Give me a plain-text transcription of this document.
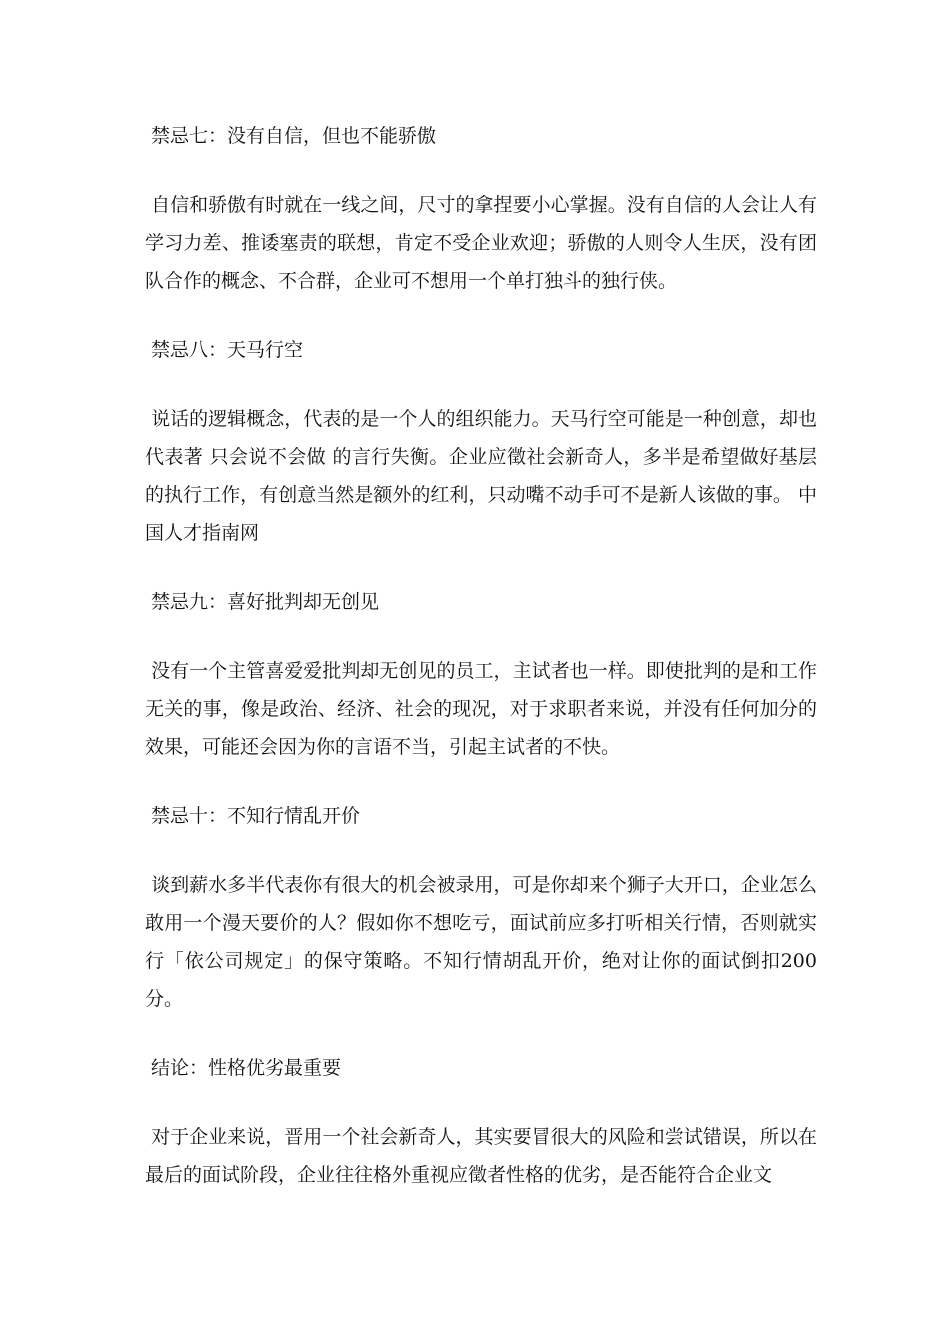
禁忌七：没有自信，但也不能骄傲
自信和骄傲有时就在一线之间，尺寸的拿捏要小心掌握。没有自信的人会让人有学习力差、推诿塞责的联想，肯定不受企业欢迎；骄傲的人则令人生厌，没有团队合作的概念、不合群，企业可不想用一个单打独斗的独行侠。
禁忌八：天马行空
说话的逻辑概念，代表的是一个人的组织能力。天马行空可能是一种创意，却也代表著 只会说不会做 的言行失衡。企业应徵社会新奇人，多半是希望做好基层的执行工作，有创意当然是额外的红利，只动嘴不动手可不是新人该做的事。 中国人才指南网
禁忌九：喜好批判却无创见
没有一个主管喜爱爱批判却无创见的员工，主试者也一样。即使批判的是和工作无关的事，像是政治、经济、社会的现况，对于求职者来说，并没有任何加分的效果，可能还会因为你的言语不当，引起主试者的不快。
禁忌十：不知行情乱开价
谈到薪水多半代表你有很大的机会被录用，可是你却来个狮子大开口，企业怎么敢用一个漫天要价的人？假如你不想吃亏，面试前应多打听相关行情，否则就实行「依公司规定」的保守策略。不知行情胡乱开价，绝对让你的面试倒扣200分。
结论：性格优劣最重要
对于企业来说，晋用一个社会新奇人，其实要冒很大的风险和尝试错误，所以在最后的面试阶段，企业往往格外重视应徵者性格的优劣，是否能符合企业文
